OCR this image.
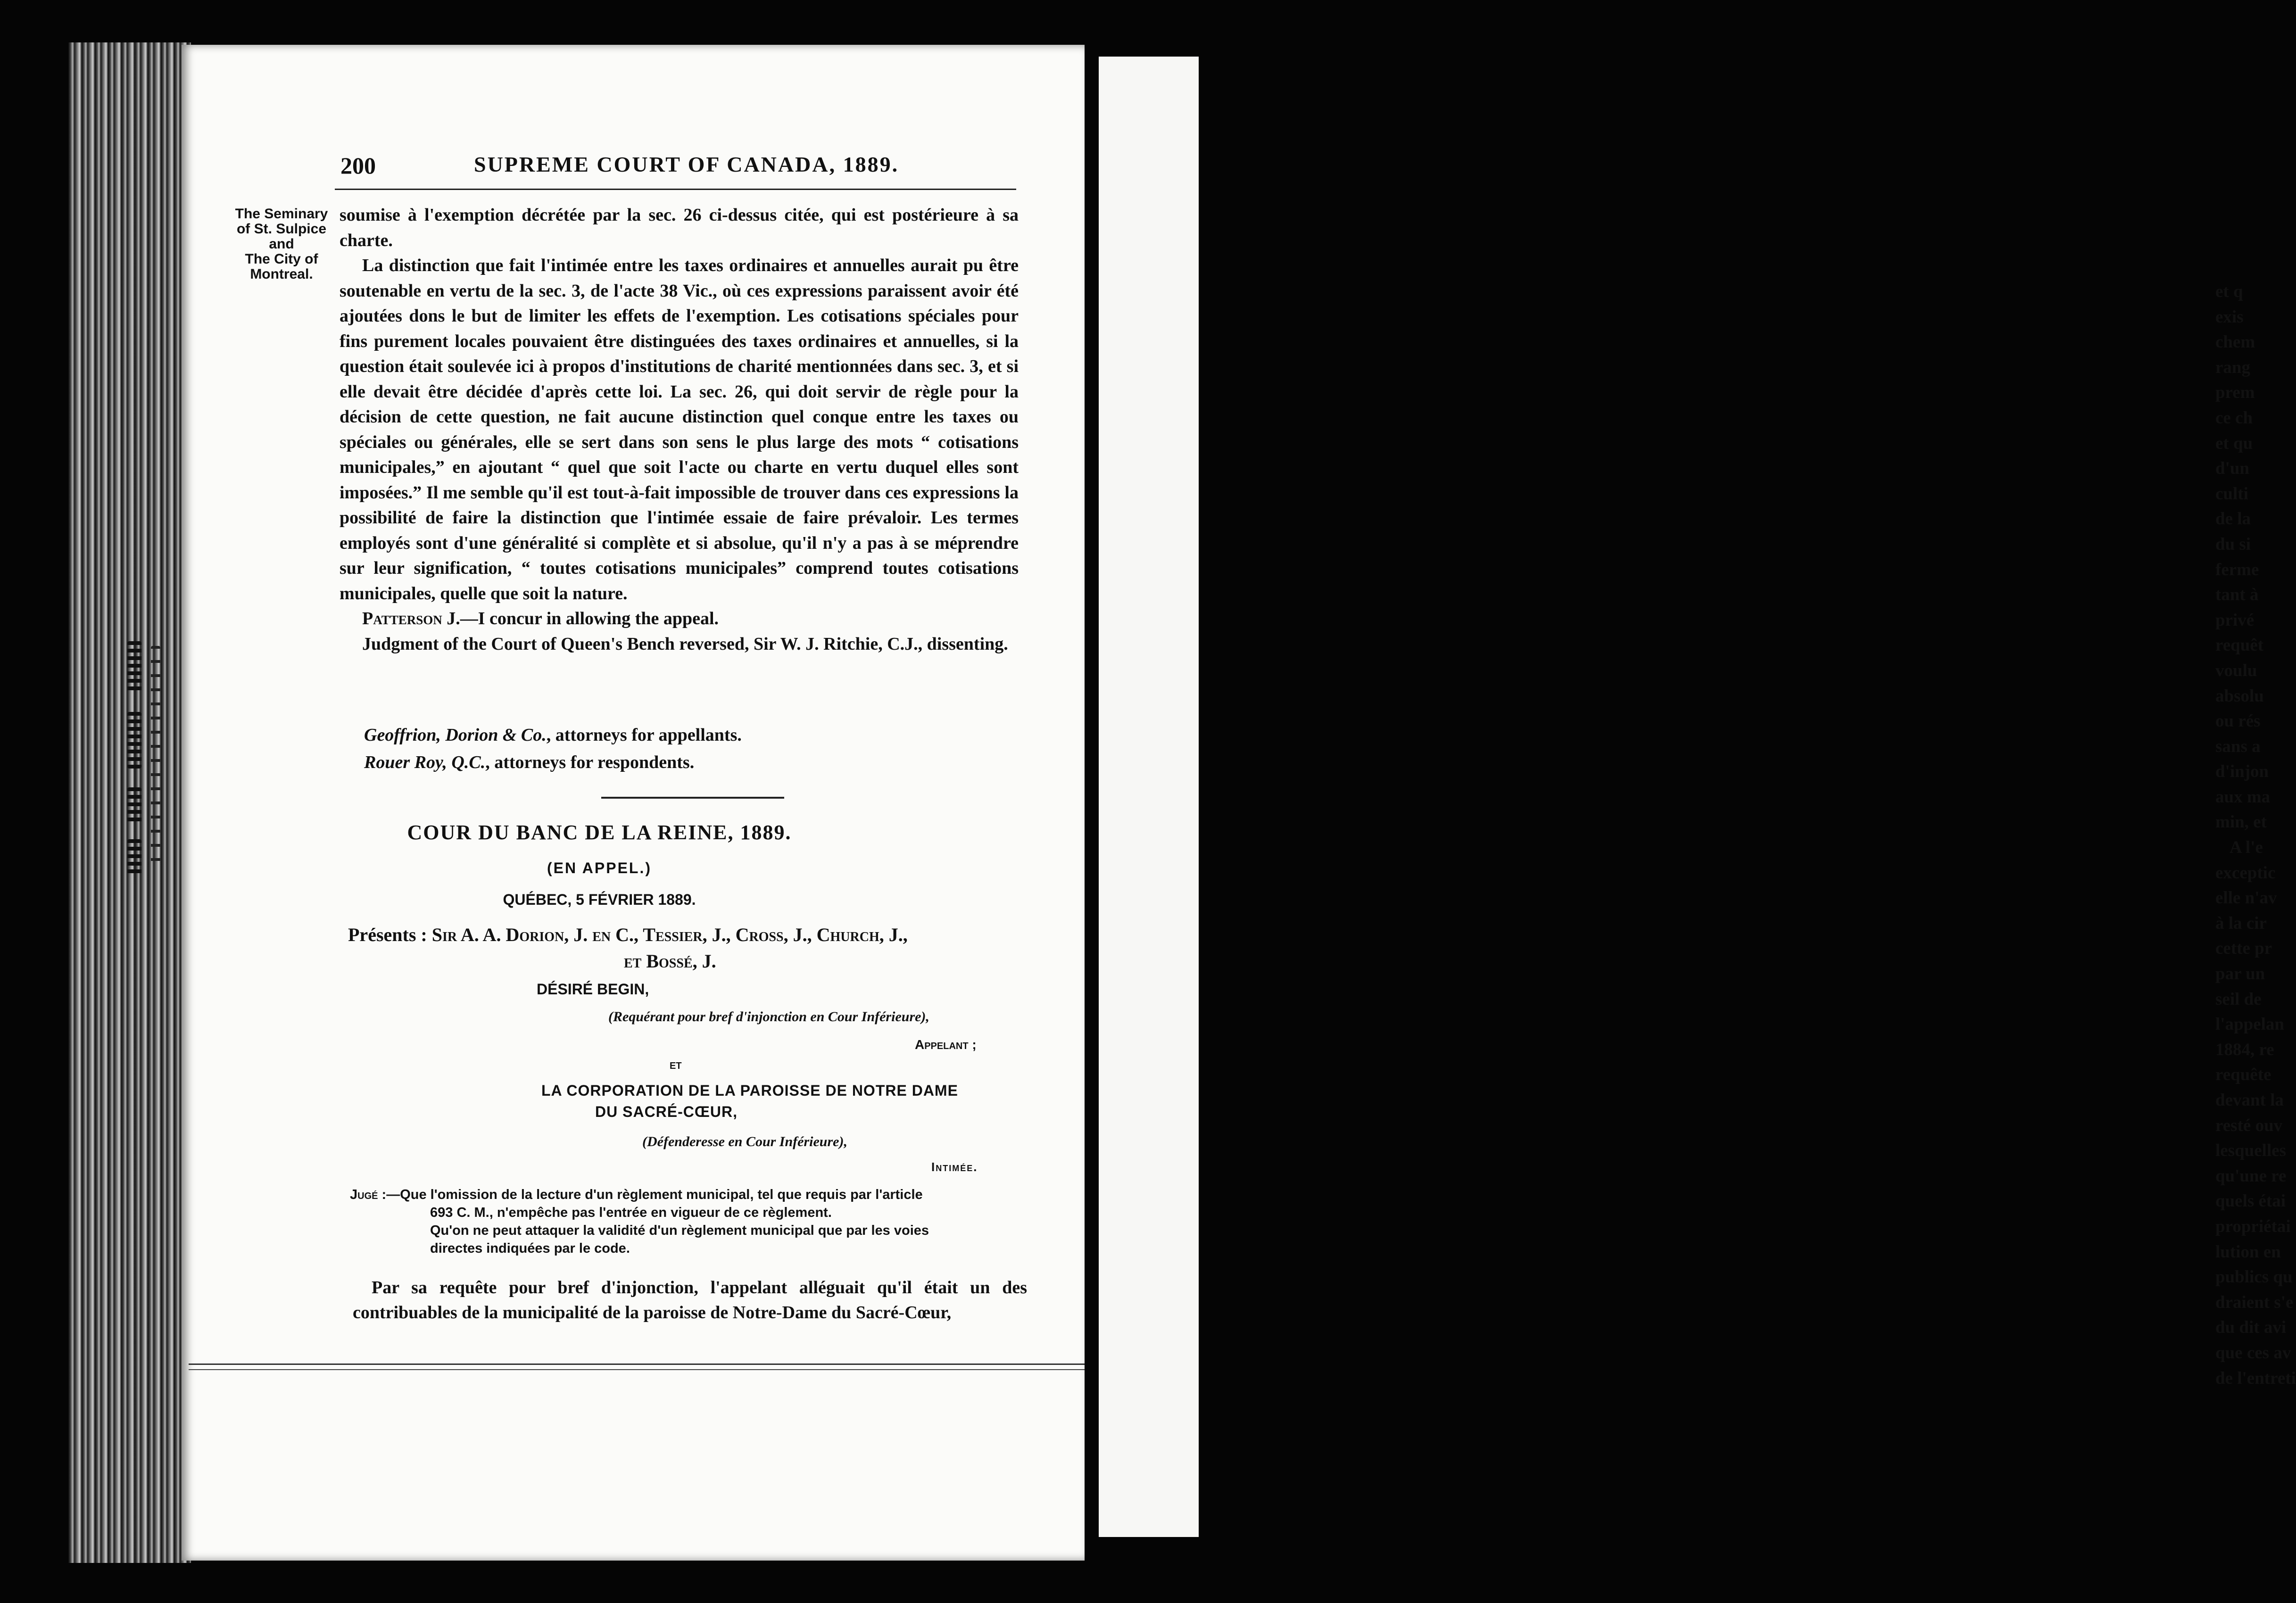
et q
exis
chem
rang
prem
ce ch
et qu
d'un
culti
de la
du si
ferme
tant à
privé
requêt
voulu
absolu
ou rés
sans a
d'injon
aux ma
min, et
A l'e
exceptic
elle n'av
à la cir
cette pr
par un
seil de
l'appelan
1884, re
requête
devant la
resté ouv
lesquelles
qu'une re
quels étai
propriétai
lution en
publics qu
draient s'e
du dit avi
que ces av
de l'entreti
200	SUPREME COURT OF CANADA, 1889.
The Seminary
of St. Sulpice
and
The City of
Montreal.

soumise à l'exemption décrétée par la sec. 26 ci-dessus citée, qui est postérieure à sa charte.

La distinction que fait l'intimée entre les taxes ordinaires et annuelles aurait pu être soutenable en vertu de la sec. 3, de l'acte 38 Vic., où ces expressions paraissent avoir été ajoutées dons le but de limiter les effets de l'exemption. Les cotisations spéciales pour fins purement locales pouvaient être distinguées des taxes ordinaires et annuelles, si la question était soulevée ici à propos d'institutions de charité mentionnées dans sec. 3, et si elle devait être décidée d'après cette loi. La sec. 26, qui doit servir de règle pour la décision de cette question, ne fait aucune distinction quel conque entre les taxes ou spéciales ou générales, elle se sert dans son sens le plus large des mots “ cotisations municipales,” en ajoutant “ quel que soit l'acte ou charte en vertu duquel elles sont imposées.” Il me semble qu'il est tout-à-fait impossible de trouver dans ces expressions la possibilité de faire la distinction que l'intimée essaie de faire prévaloir. Les termes employés sont d'une généralité si complète et si absolue, qu'il n'y a pas à se méprendre sur leur signification, “ toutes cotisations municipales” comprend toutes cotisations municipales, quelle que soit la nature.

Patterson J.—I concur in allowing the appeal.

Judgment of the Court of Queen's Bench reversed, Sir W. J. Ritchie, C.J., dissenting.

Geoffrion, Dorion & Co., attorneys for appellants.
Rouer Roy, Q.C., attorneys for respondents.
COUR DU BANC DE LA REINE, 1889.
(EN APPEL.)
QUÉBEC, 5 FÉVRIER 1889.
Présents : Sir A. A. Dorion, J. en C., Tessier, J., Cross, J., Church, J.,
et Bossé, J.
DÉSIRÉ BEGIN,
(Requérant pour bref d'injonction en Cour Inférieure),
Appelant ;
ET
LA CORPORATION DE LA PAROISSE DE NOTRE DAME
DU SACRÉ-CŒUR,
(Défenderesse en Cour Inférieure),
Intimée.
Jugé :—Que l'omission de la lecture d'un règlement municipal, tel que requis par l'article
693 C. M., n'empêche pas l'entrée en vigueur de ce règlement.
Qu'on ne peut attaquer la validité d'un règlement municipal que par les voies
directes indiquées par le code.
Par sa requête pour bref d'injonction, l'appelant alléguait qu'il était un des contribuables de la municipalité de la paroisse de Notre-Dame du Sacré-Cœur,
